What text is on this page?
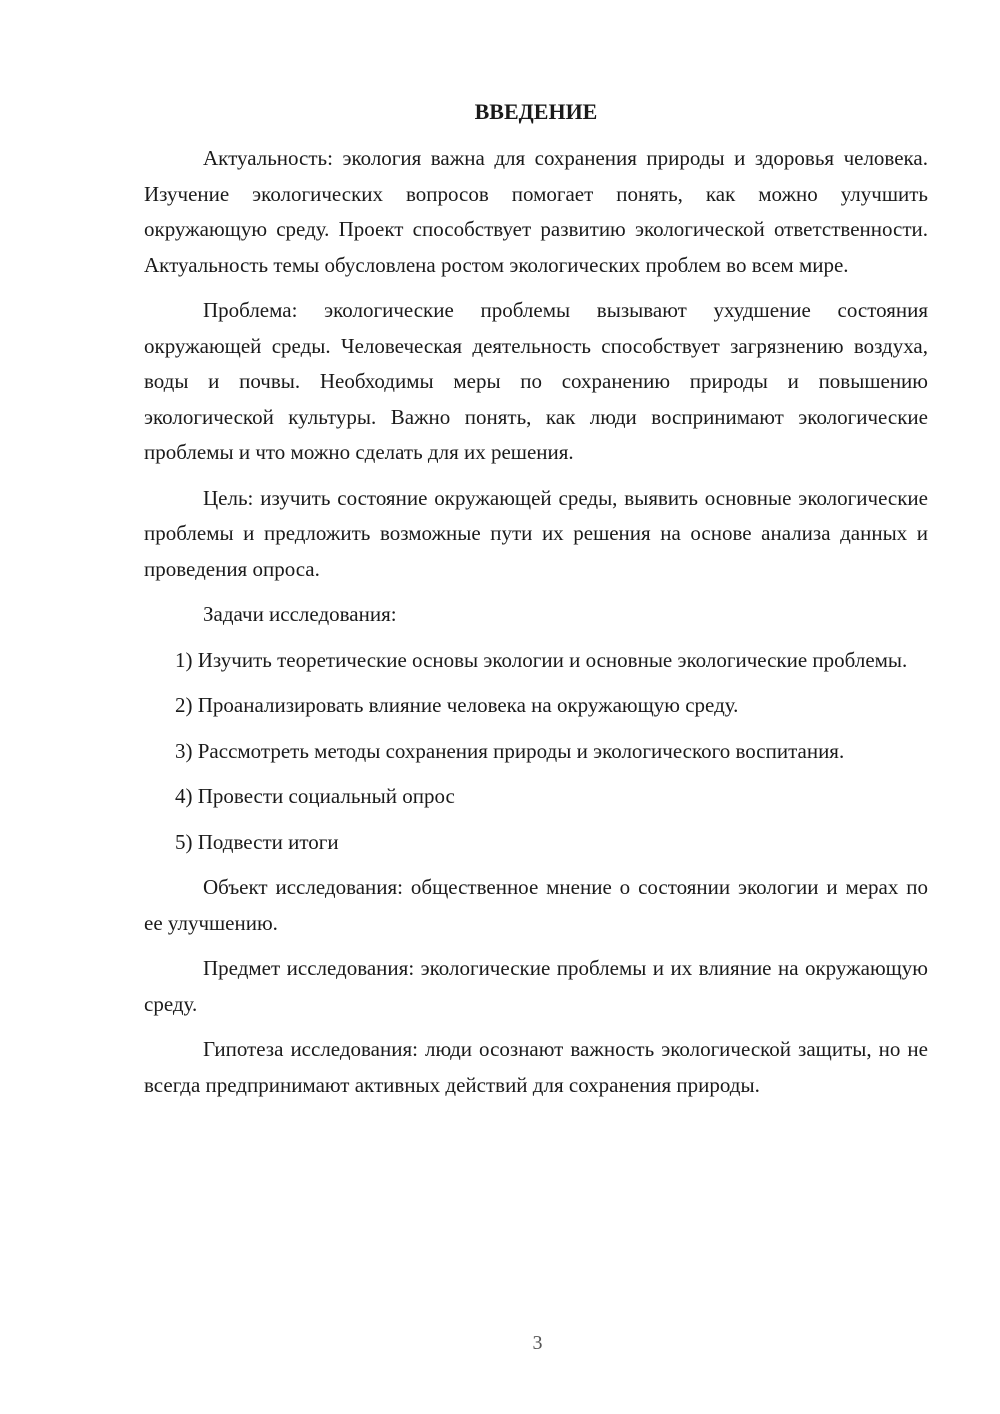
ВВЕДЕНИЕ

Актуальность: экология важна для сохранения природы и здоровья человека. Изучение экологических вопросов помогает понять, как можно улучшить окружающую среду. Проект способствует развитию экологической ответственности. Актуальность темы обусловлена ростом экологических проблем во всем мире.

Проблема: экологические проблемы вызывают ухудшение состояния окружающей среды. Человеческая деятельность способствует загрязнению воздуха, воды и почвы. Необходимы меры по сохранению природы и повышению экологической культуры. Важно понять, как люди воспринимают экологические проблемы и что можно сделать для их решения.

Цель: изучить состояние окружающей среды, выявить основные экологические проблемы и предложить возможные пути их решения на основе анализа данных и проведения опроса.

Задачи исследования:

1) Изучить теоретические основы экологии и основные экологические проблемы.

2) Проанализировать влияние человека на окружающую среду.

3) Рассмотреть методы сохранения природы и экологического воспитания.

4) Провести социальный опрос

5) Подвести итоги

Объект исследования: общественное мнение о состоянии экологии и мерах по ее улучшению.

Предмет исследования: экологические проблемы и их влияние на окружающую среду.

Гипотеза исследования: люди осознают важность экологической защиты, но не всегда предпринимают активных действий для сохранения природы.

3
